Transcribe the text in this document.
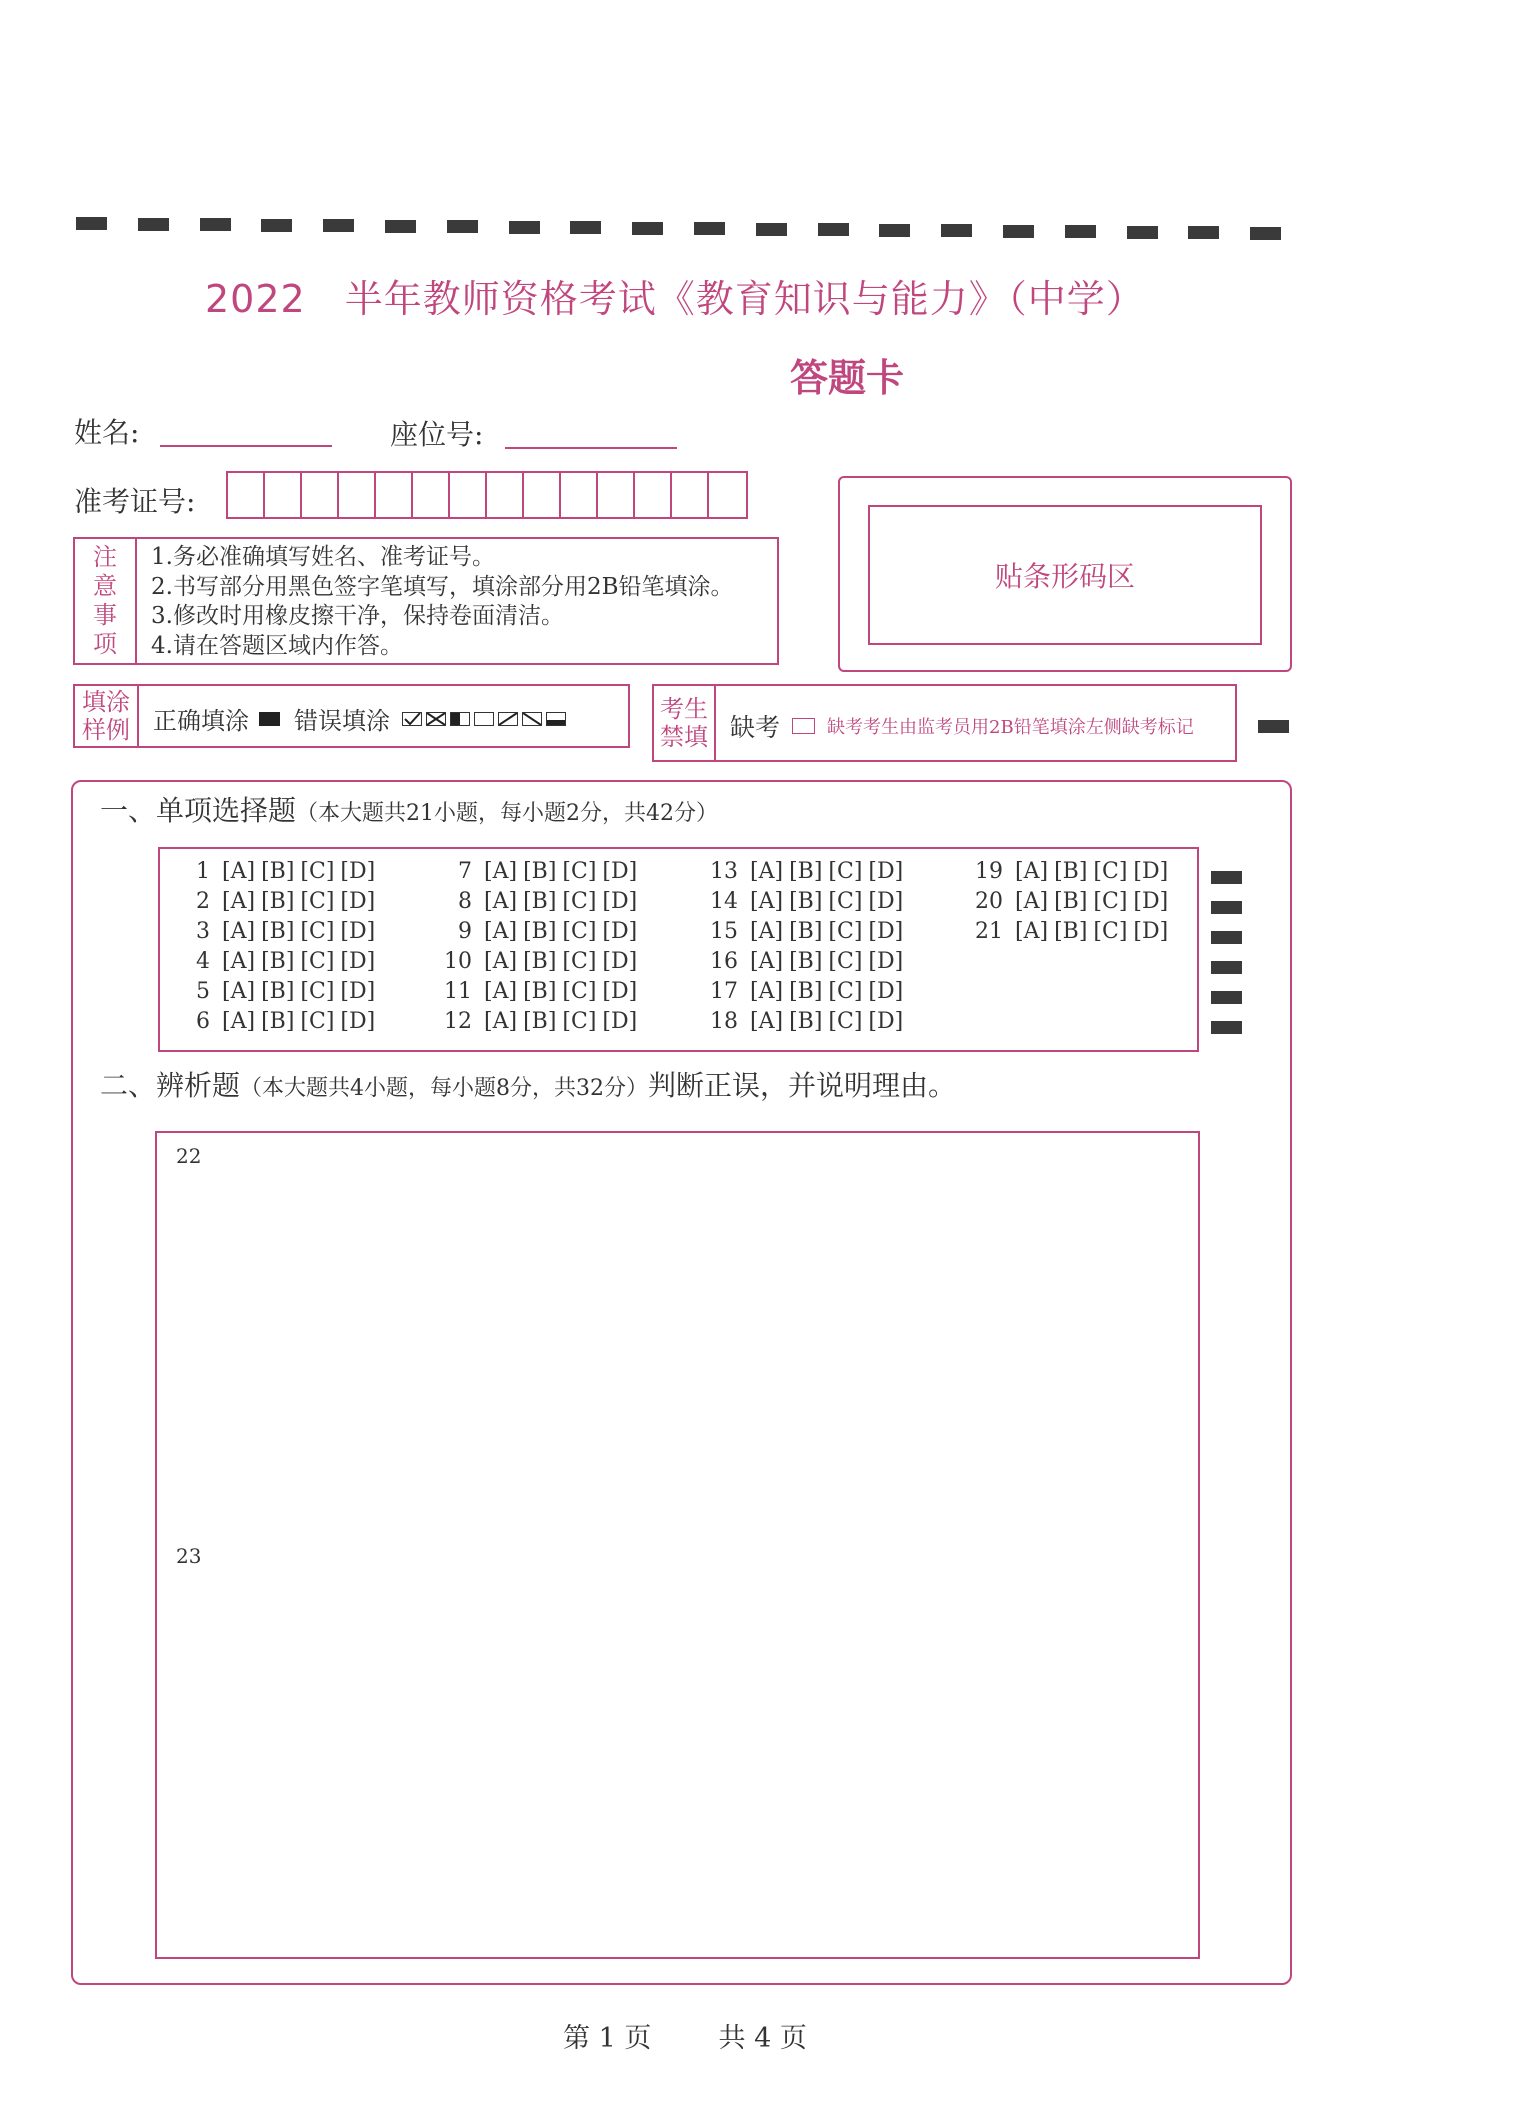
2022　半年教师资格考试《教育知识与能力》（中学）
答题卡
姓名:	座位号:
准考证号:
注
意
事
项
1.务必准确填写姓名、准考证号。
2.书写部分用黑色签字笔填写，填涂部分用2B铅笔填涂。
3.修改时用橡皮擦干净，保持卷面清洁。
4.请在答题区域内作答。
贴条形码区
填涂样例 正确填涂 错误填涂	考生禁填 缺考	缺考考生由监考员用2B铅笔填涂左侧缺考标记
一、单项选择题（本大题共21小题，每小题2分，共42分）
1 [A] [B] [C] [D]
2 [A] [B] [C] [D]
3 [A] [B] [C] [D]
4 [A] [B] [C] [D]
5 [A] [B] [C] [D]
6 [A] [B] [C] [D]
7 [A] [B] [C] [D]
8 [A] [B] [C] [D]
9 [A] [B] [C] [D]
10 [A] [B] [C] [D]
11 [A] [B] [C] [D]
12 [A] [B] [C] [D]
13 [A] [B] [C] [D]
14 [A] [B] [C] [D]
15 [A] [B] [C] [D]
16 [A] [B] [C] [D]
17 [A] [B] [C] [D]
18 [A] [B] [C] [D]
19 [A] [B] [C] [D]
20 [A] [B] [C] [D]
21 [A] [B] [C] [D]
二、辨析题（本大题共4小题，每小题8分，共32分）判断正误，并说明理由。
22
23
第 1 页 共 4 页
